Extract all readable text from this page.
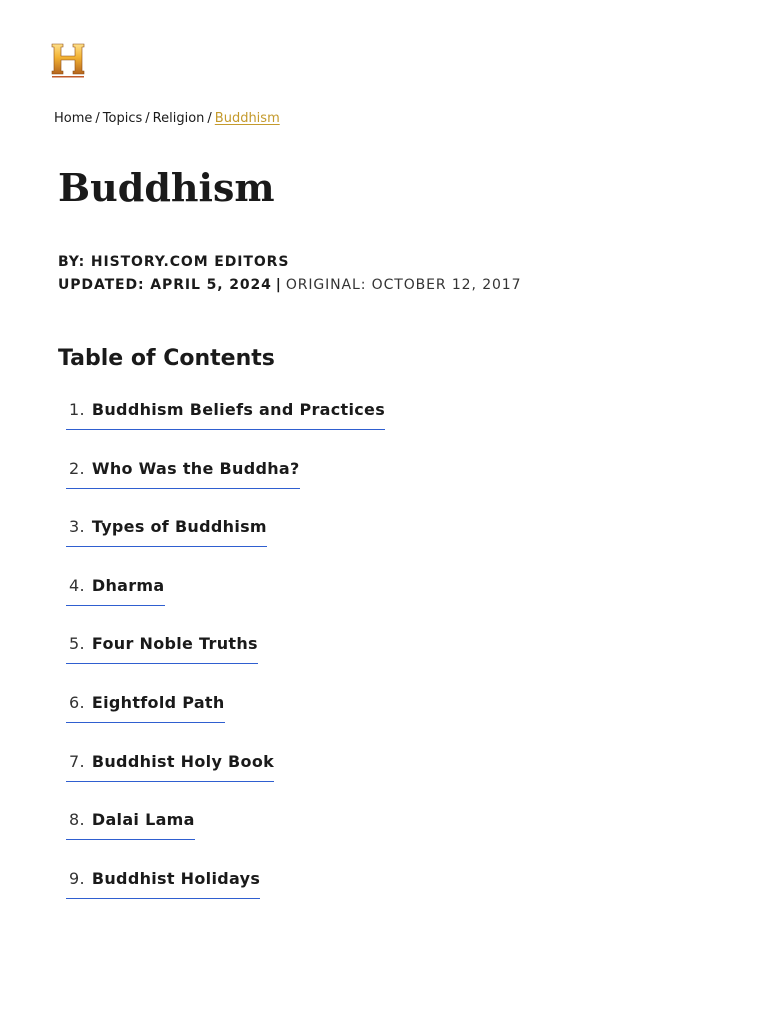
Home / Topics / Religion / Buddhism
Buddhism
BY: HISTORY.COM EDITORS
UPDATED: APRIL 5, 2024 | ORIGINAL: OCTOBER 12, 2017
Table of Contents
1. Buddhism Beliefs and Practices
2. Who Was the Buddha?
3. Types of Buddhism
4. Dharma
5. Four Noble Truths
6. Eightfold Path
7. Buddhist Holy Book
8. Dalai Lama
9. Buddhist Holidays
